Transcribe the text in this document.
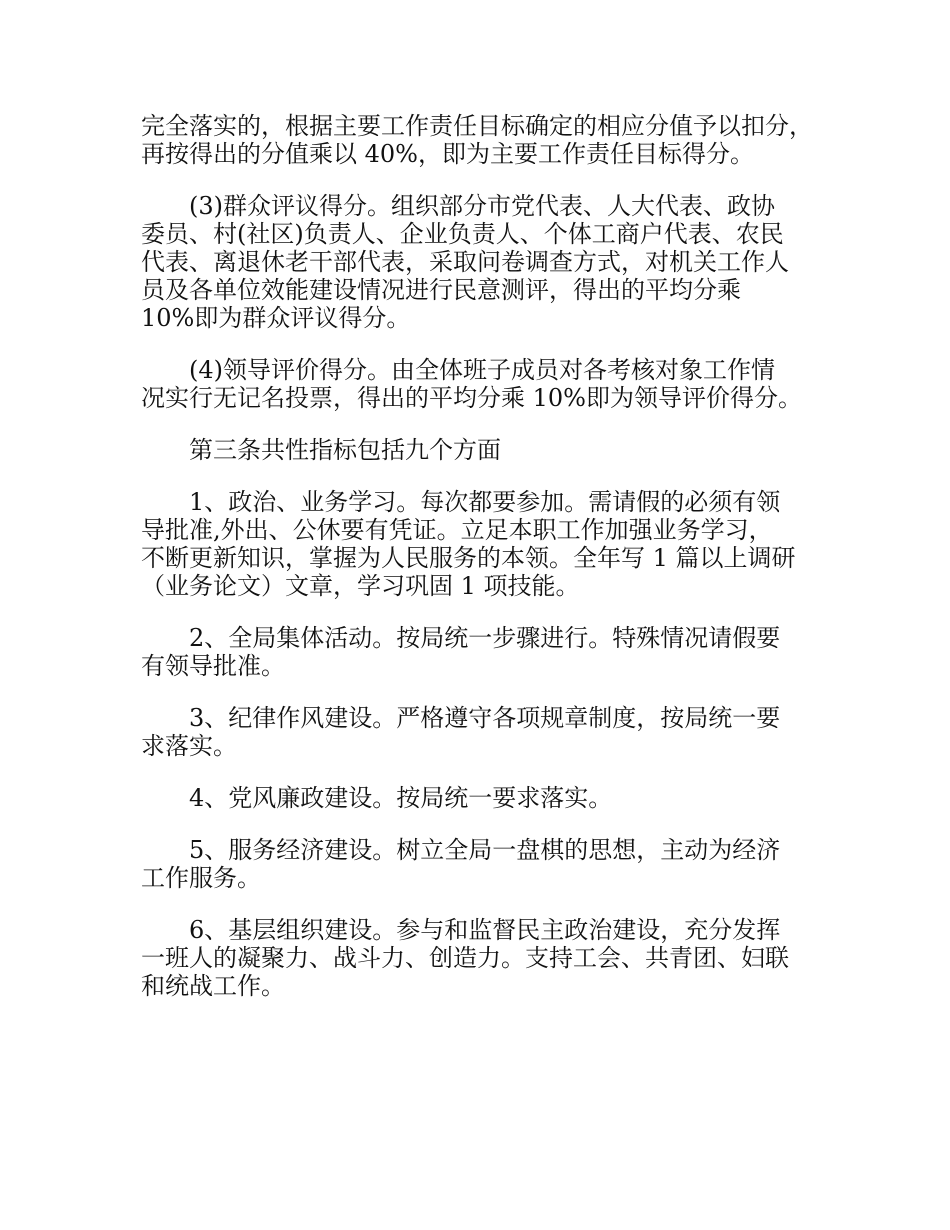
完全落实的，根据主要工作责任目标确定的相应分值予以扣分，
再按得出的分值乘以 40%，即为主要工作责任目标得分。
(3)群众评议得分。组织部分市党代表、人大代表、政协
委员、村(社区)负责人、企业负责人、个体工商户代表、农民
代表、离退休老干部代表，采取问卷调查方式，对机关工作人
员及各单位效能建设情况进行民意测评，得出的平均分乘
10%即为群众评议得分。
(4)领导评价得分。由全体班子成员对各考核对象工作情
况实行无记名投票，得出的平均分乘 10%即为领导评价得分。
第三条共性指标包括九个方面
1、政治、业务学习。每次都要参加。需请假的必须有领
导批准,外出、公休要有凭证。立足本职工作加强业务学习，
不断更新知识，掌握为人民服务的本领。全年写 1 篇以上调研
（业务论文）文章，学习巩固 1 项技能。
2、全局集体活动。按局统一步骤进行。特殊情况请假要
有领导批准。
3、纪律作风建设。严格遵守各项规章制度，按局统一要
求落实。
4、党风廉政建设。按局统一要求落实。
5、服务经济建设。树立全局一盘棋的思想，主动为经济
工作服务。
6、基层组织建设。参与和监督民主政治建设，充分发挥
一班人的凝聚力、战斗力、创造力。支持工会、共青团、妇联
和统战工作。
